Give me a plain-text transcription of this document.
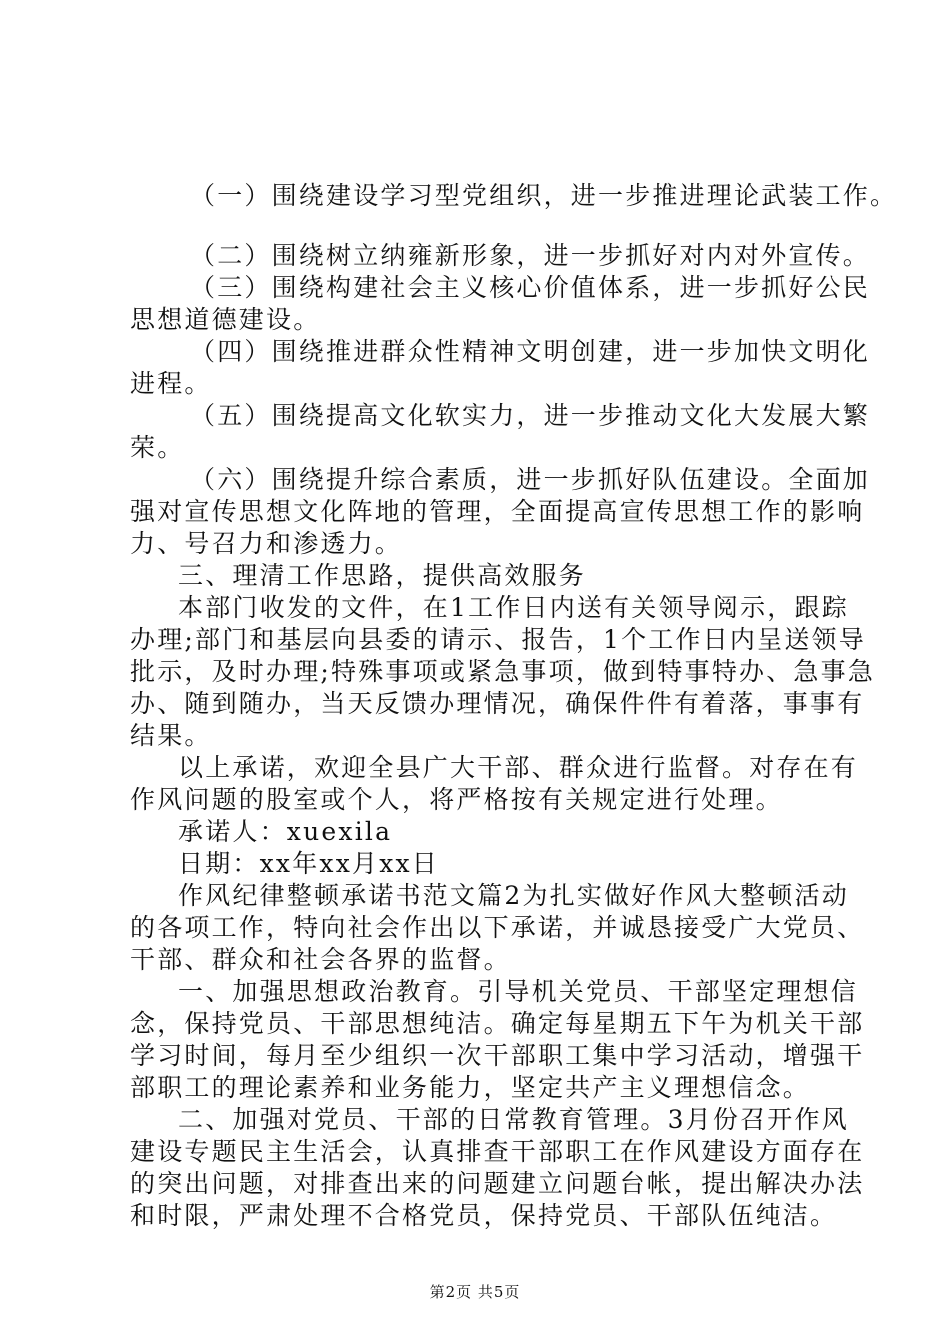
（一）围绕建设学习型党组织，进一步推进理论武装工作。
（二）围绕树立纳雍新形象，进一步抓好对内对外宣传。
（三）围绕构建社会主义核心价值体系，进一步抓好公民
思想道德建设。
（四）围绕推进群众性精神文明创建，进一步加快文明化
进程。
（五）围绕提高文化软实力，进一步推动文化大发展大繁
荣。
（六）围绕提升综合素质，进一步抓好队伍建设。全面加
强对宣传思想文化阵地的管理，全面提高宣传思想工作的影响
力、号召力和渗透力。
三、理清工作思路，提供高效服务
本部门收发的文件，在1工作日内送有关领导阅示，跟踪
办理;部门和基层向县委的请示、报告，1个工作日内呈送领导
批示，及时办理;特殊事项或紧急事项，做到特事特办、急事急
办、随到随办，当天反馈办理情况，确保件件有着落，事事有
结果。
以上承诺，欢迎全县广大干部、群众进行监督。对存在有
作风问题的股室或个人，将严格按有关规定进行处理。
承诺人：xuexila
日期：xx年xx月xx日
作风纪律整顿承诺书范文篇2为扎实做好作风大整顿活动
的各项工作，特向社会作出以下承诺，并诚恳接受广大党员、
干部、群众和社会各界的监督。
一、加强思想政治教育。引导机关党员、干部坚定理想信
念，保持党员、干部思想纯洁。确定每星期五下午为机关干部
学习时间，每月至少组织一次干部职工集中学习活动，增强干
部职工的理论素养和业务能力，坚定共产主义理想信念。
二、加强对党员、干部的日常教育管理。3月份召开作风
建设专题民主生活会，认真排查干部职工在作风建设方面存在
的突出问题，对排查出来的问题建立问题台帐，提出解决办法
和时限，严肃处理不合格党员，保持党员、干部队伍纯洁。
第2页 共5页
